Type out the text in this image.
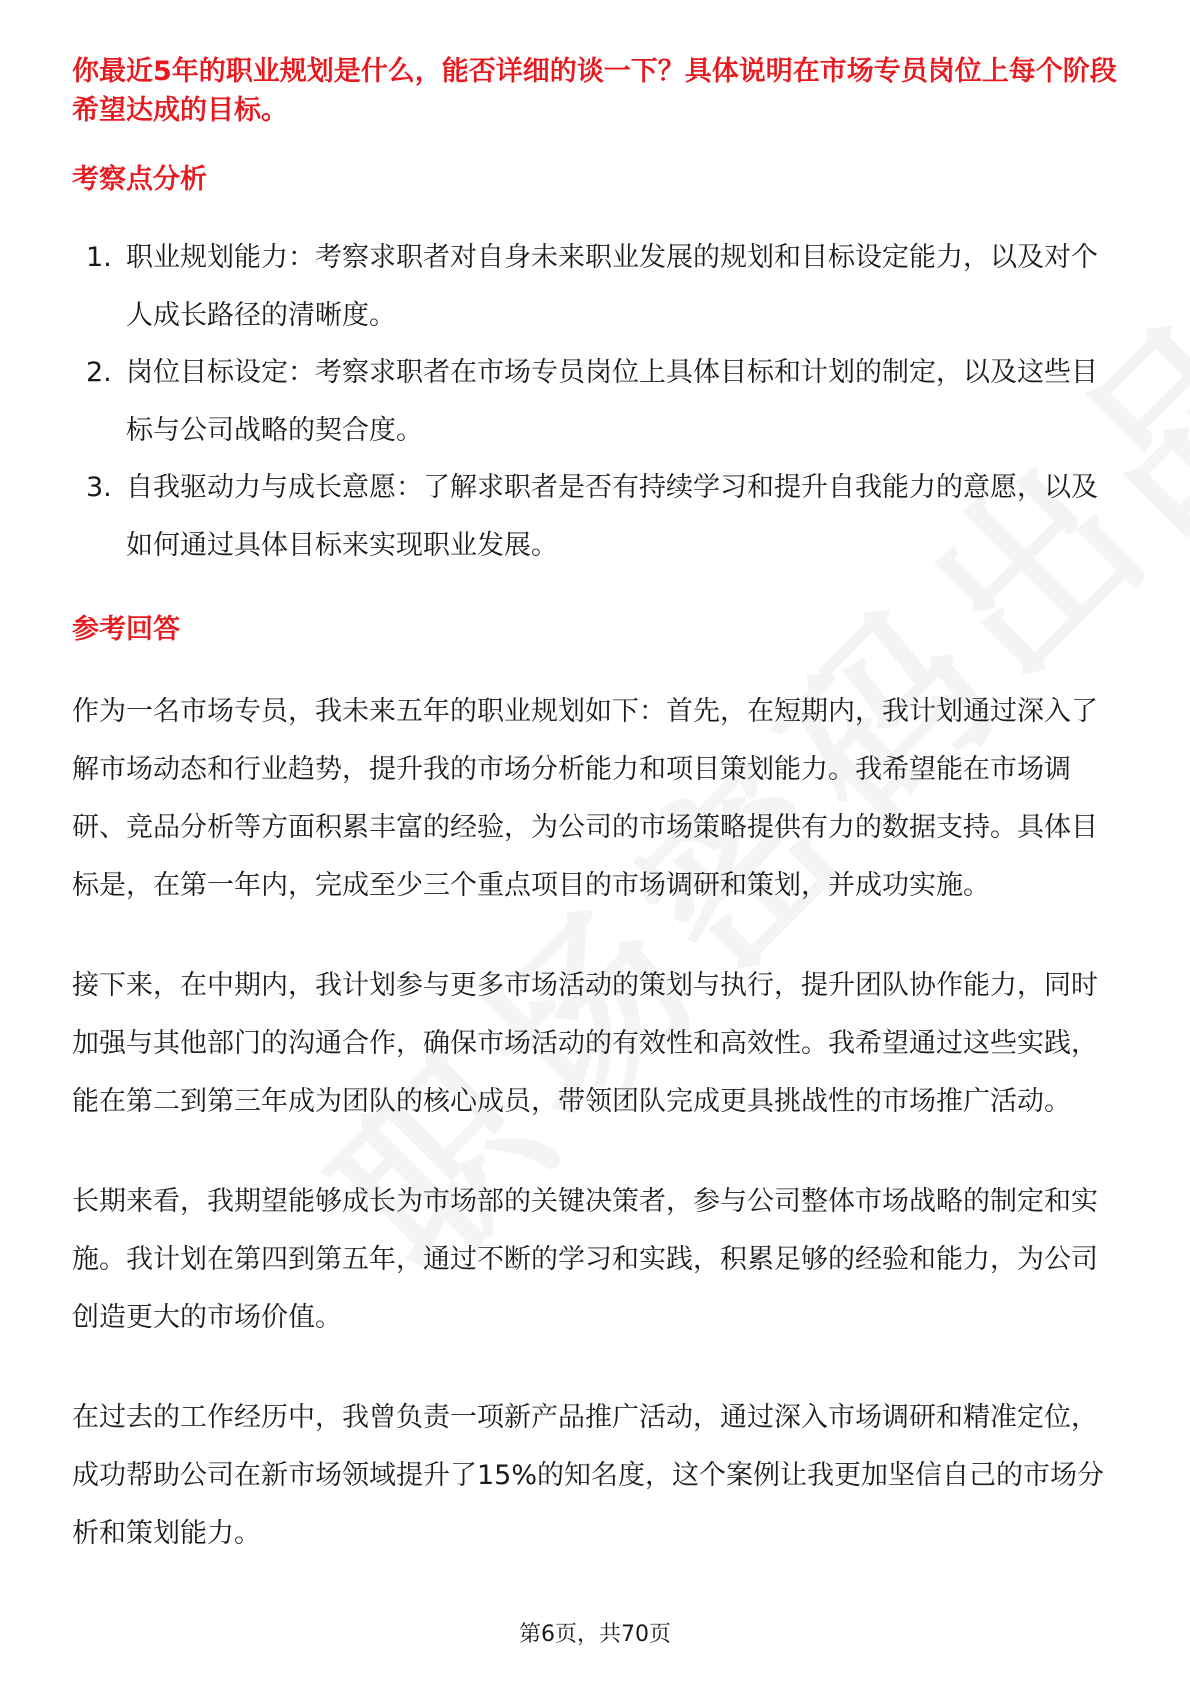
你最近5年的职业规划是什么，能否详细的谈一下？具体说明在市场专员岗位上每个阶段希望达成的目标。

考察点分析

1. 职业规划能力：考察求职者对自身未来职业发展的规划和目标设定能力，以及对个人成长路径的清晰度。
2. 岗位目标设定：考察求职者在市场专员岗位上具体目标和计划的制定，以及这些目标与公司战略的契合度。
3. 自我驱动力与成长意愿：了解求职者是否有持续学习和提升自我能力的意愿，以及如何通过具体目标来实现职业发展。

参考回答

作为一名市场专员，我未来五年的职业规划如下：首先，在短期内，我计划通过深入了解市场动态和行业趋势，提升我的市场分析能力和项目策划能力。我希望能在市场调研、竞品分析等方面积累丰富的经验，为公司的市场策略提供有力的数据支持。具体目标是，在第一年内，完成至少三个重点项目的市场调研和策划，并成功实施。

接下来，在中期内，我计划参与更多市场活动的策划与执行，提升团队协作能力，同时加强与其他部门的沟通合作，确保市场活动的有效性和高效性。我希望通过这些实践，能在第二到第三年成为团队的核心成员，带领团队完成更具挑战性的市场推广活动。

长期来看，我期望能够成长为市场部的关键决策者，参与公司整体市场战略的制定和实施。我计划在第四到第五年，通过不断的学习和实践，积累足够的经验和能力，为公司创造更大的市场价值。

在过去的工作经历中，我曾负责一项新产品推广活动，通过深入市场调研和精准定位，成功帮助公司在新市场领域提升了15%的知名度，这个案例让我更加坚信自己的市场分析和策划能力。

第6页，共70页
